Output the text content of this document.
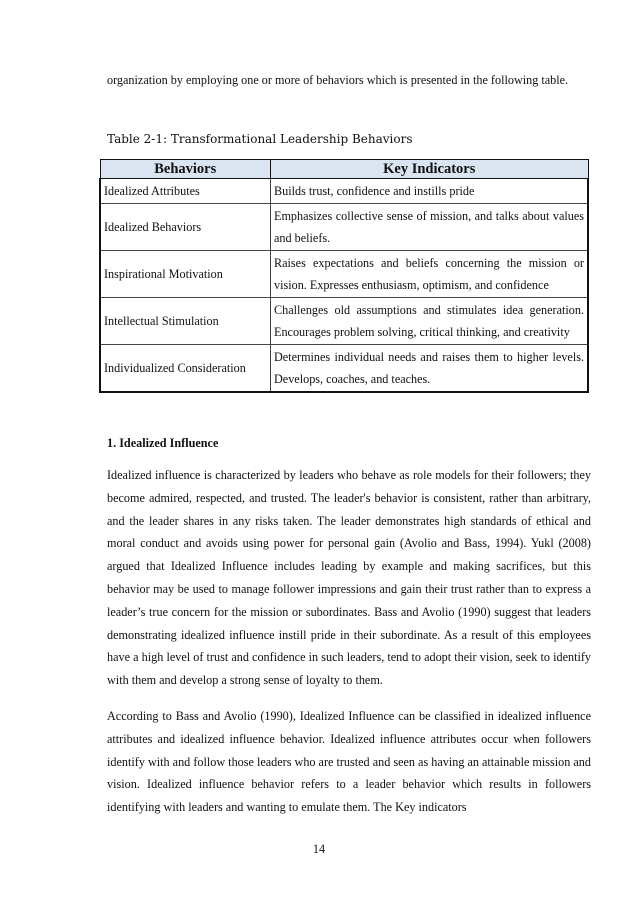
organization by employing one or more of behaviors which is presented in the following table.
Table 2-1: Transformational Leadership Behaviors
Behaviors	Key Indicators
Idealized Attributes	Builds trust, confidence and instills pride
Idealized Behaviors	Emphasizes collective sense of mission, and talks about values and beliefs.
Inspirational Motivation	Raises expectations and beliefs concerning the mission or vision. Expresses enthusiasm, optimism, and confidence
Intellectual Stimulation	Challenges old assumptions and stimulates idea generation. Encourages problem solving, critical thinking, and creativity
Individualized Consideration	Determines individual needs and raises them to higher levels. Develops, coaches, and teaches.
1. Idealized Influence
Idealized influence is characterized by leaders who behave as role models for their followers; they become admired, respected, and trusted. The leader's behavior is consistent, rather than arbitrary, and the leader shares in any risks taken. The leader demonstrates high standards of ethical and moral conduct and avoids using power for personal gain (Avolio and Bass, 1994). Yukl (2008) argued that Idealized Influence includes leading by example and making sacrifices, but this behavior may be used to manage follower impressions and gain their trust rather than to express a leader’s true concern for the mission or subordinates. Bass and Avolio (1990) suggest that leaders demonstrating idealized influence instill pride in their subordinate. As a result of this employees have a high level of trust and confidence in such leaders, tend to adopt their vision, seek to identify with them and develop a strong sense of loyalty to them.
According to Bass and Avolio (1990), Idealized Influence can be classified in idealized influence attributes and idealized influence behavior. Idealized influence attributes occur when followers identify with and follow those leaders who are trusted and seen as having an attainable mission and vision. Idealized influence behavior refers to a leader behavior which results in followers identifying with leaders and wanting to emulate them. The Key indicators
14
